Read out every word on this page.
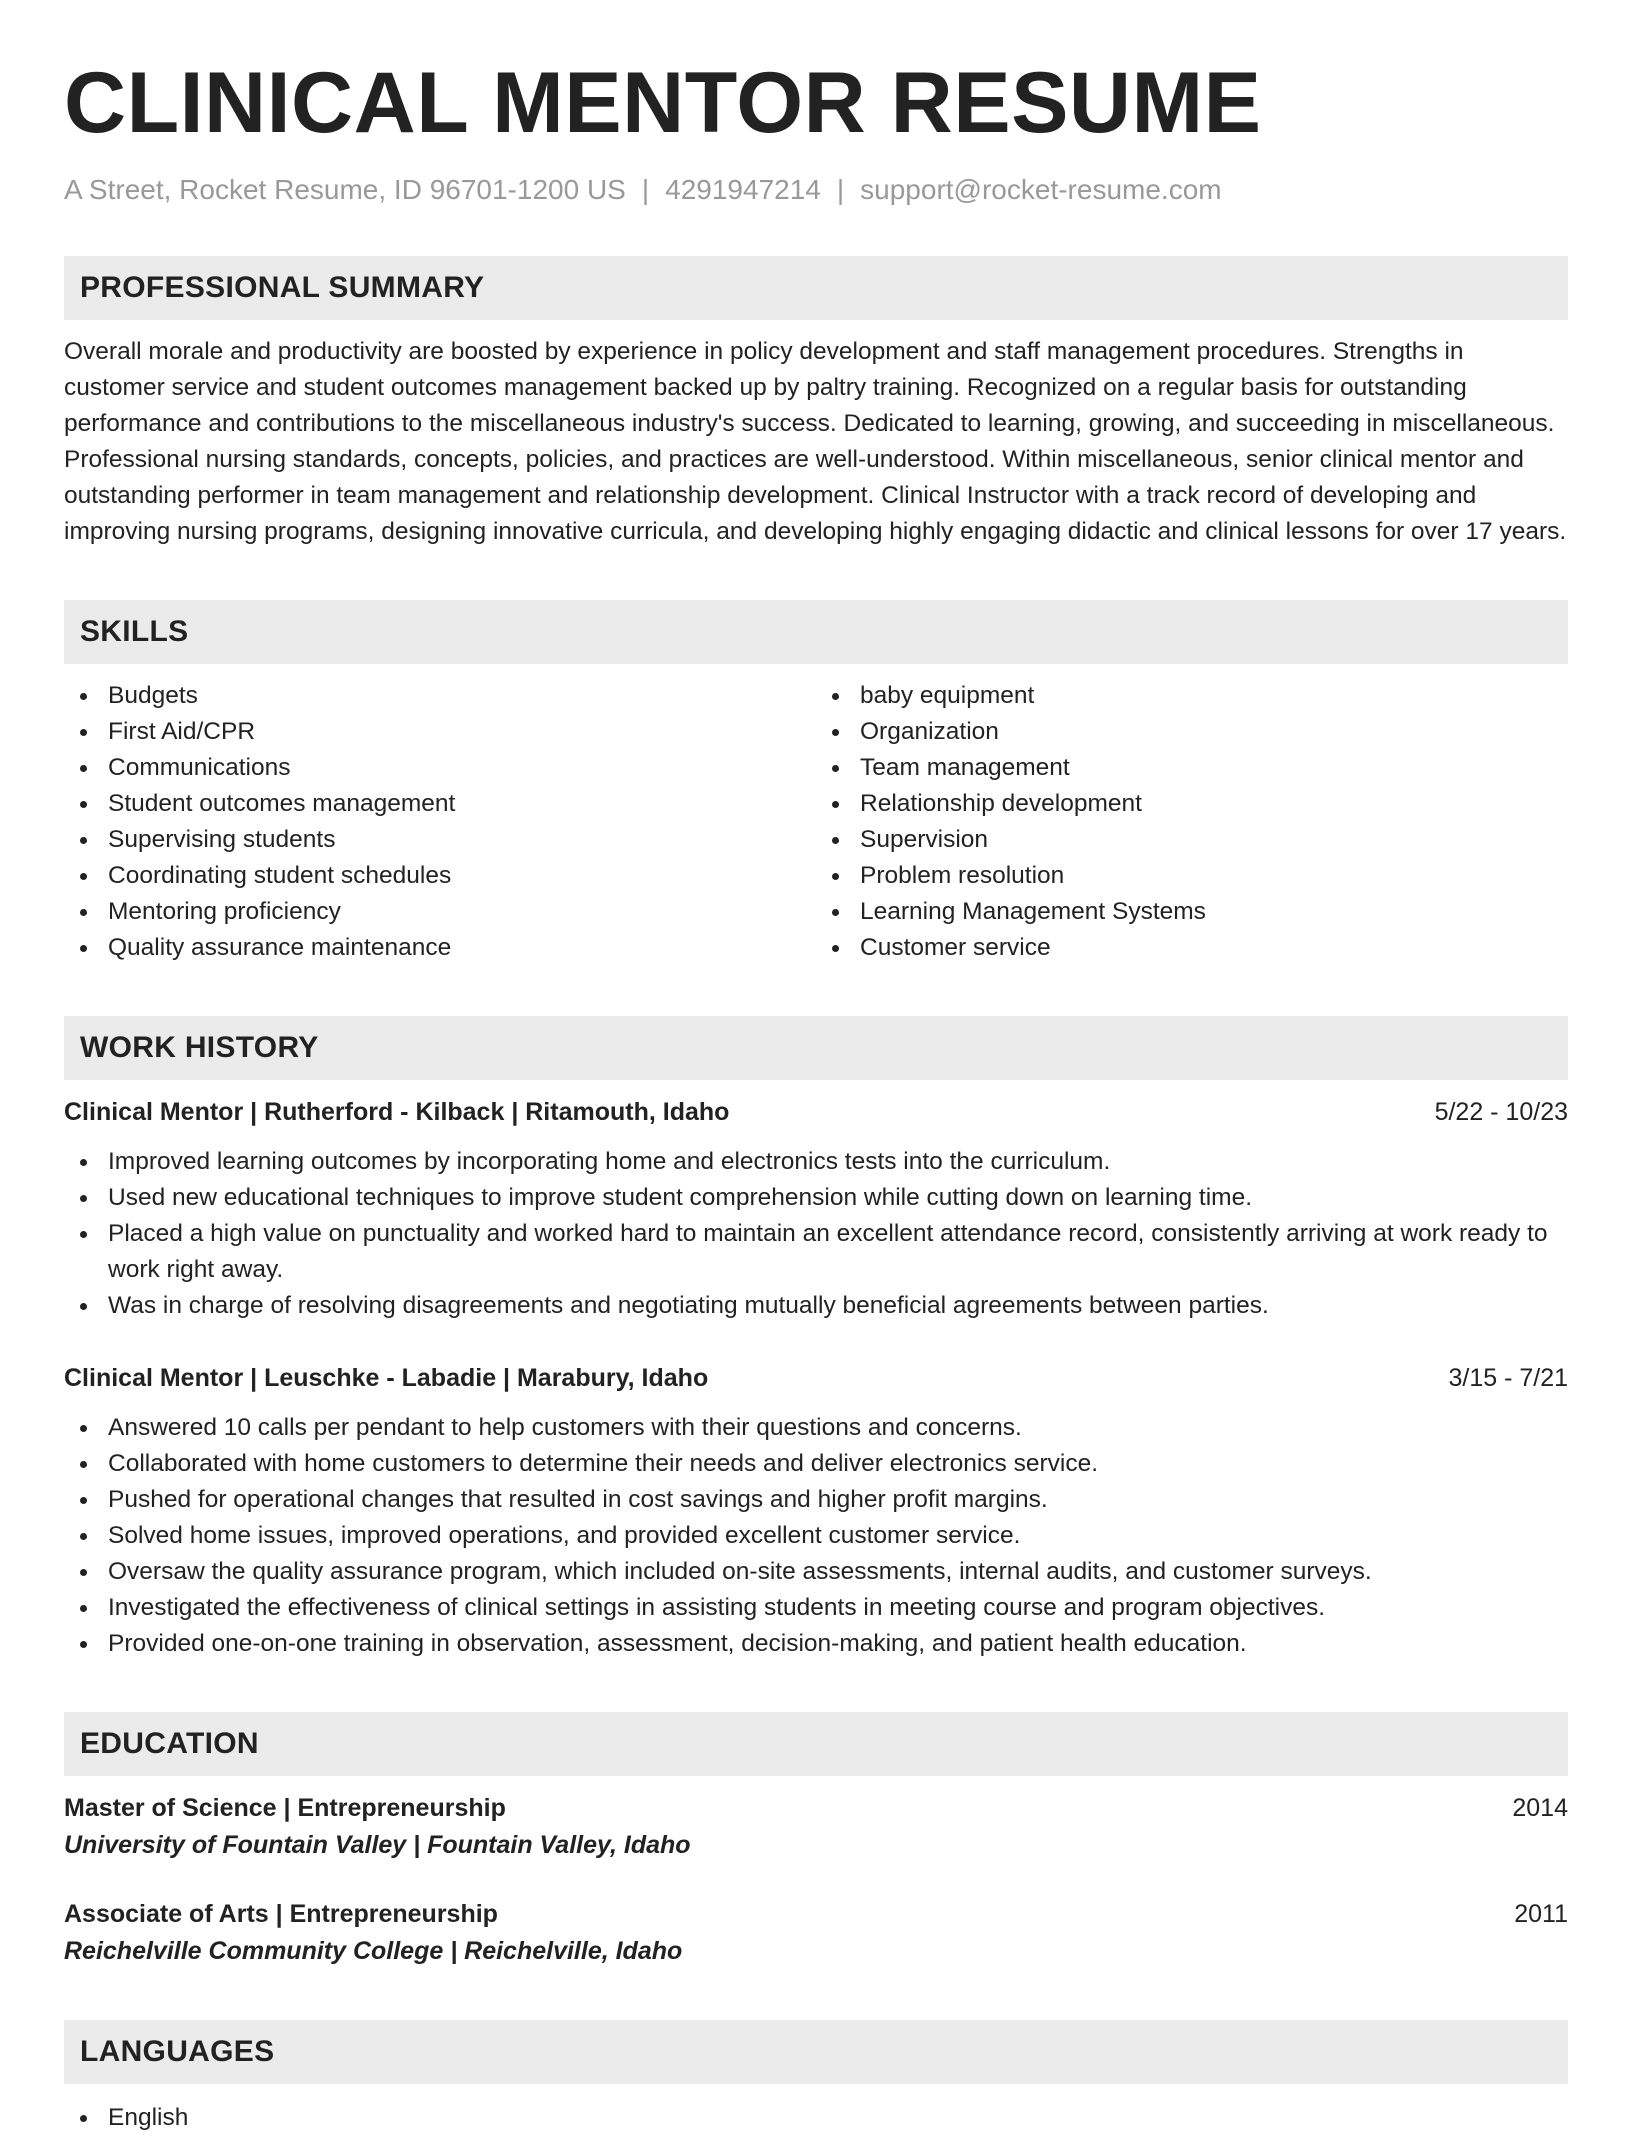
CLINICAL MENTOR RESUME
A Street, Rocket Resume, ID 96701-1200 US | 4291947214 | support@rocket-resume.com
PROFESSIONAL SUMMARY
Overall morale and productivity are boosted by experience in policy development and staff management procedures. Strengths in customer service and student outcomes management backed up by paltry training. Recognized on a regular basis for outstanding performance and contributions to the miscellaneous industry's success. Dedicated to learning, growing, and succeeding in miscellaneous. Professional nursing standards, concepts, policies, and practices are well-understood. Within miscellaneous, senior clinical mentor and outstanding performer in team management and relationship development. Clinical Instructor with a track record of developing and improving nursing programs, designing innovative curricula, and developing highly engaging didactic and clinical lessons for over 17 years.
SKILLS
Budgets
First Aid/CPR
Communications
Student outcomes management
Supervising students
Coordinating student schedules
Mentoring proficiency
Quality assurance maintenance
baby equipment
Organization
Team management
Relationship development
Supervision
Problem resolution
Learning Management Systems
Customer service
WORK HISTORY
Clinical Mentor | Rutherford - Kilback | Ritamouth, Idaho	5/22 - 10/23
Improved learning outcomes by incorporating home and electronics tests into the curriculum.
Used new educational techniques to improve student comprehension while cutting down on learning time.
Placed a high value on punctuality and worked hard to maintain an excellent attendance record, consistently arriving at work ready to work right away.
Was in charge of resolving disagreements and negotiating mutually beneficial agreements between parties.
Clinical Mentor | Leuschke - Labadie | Marabury, Idaho	3/15 - 7/21
Answered 10 calls per pendant to help customers with their questions and concerns.
Collaborated with home customers to determine their needs and deliver electronics service.
Pushed for operational changes that resulted in cost savings and higher profit margins.
Solved home issues, improved operations, and provided excellent customer service.
Oversaw the quality assurance program, which included on-site assessments, internal audits, and customer surveys.
Investigated the effectiveness of clinical settings in assisting students in meeting course and program objectives.
Provided one-on-one training in observation, assessment, decision-making, and patient health education.
EDUCATION
Master of Science | Entrepreneurship	2014
University of Fountain Valley | Fountain Valley, Idaho
Associate of Arts | Entrepreneurship	2011
Reichelville Community College | Reichelville, Idaho
LANGUAGES
English
